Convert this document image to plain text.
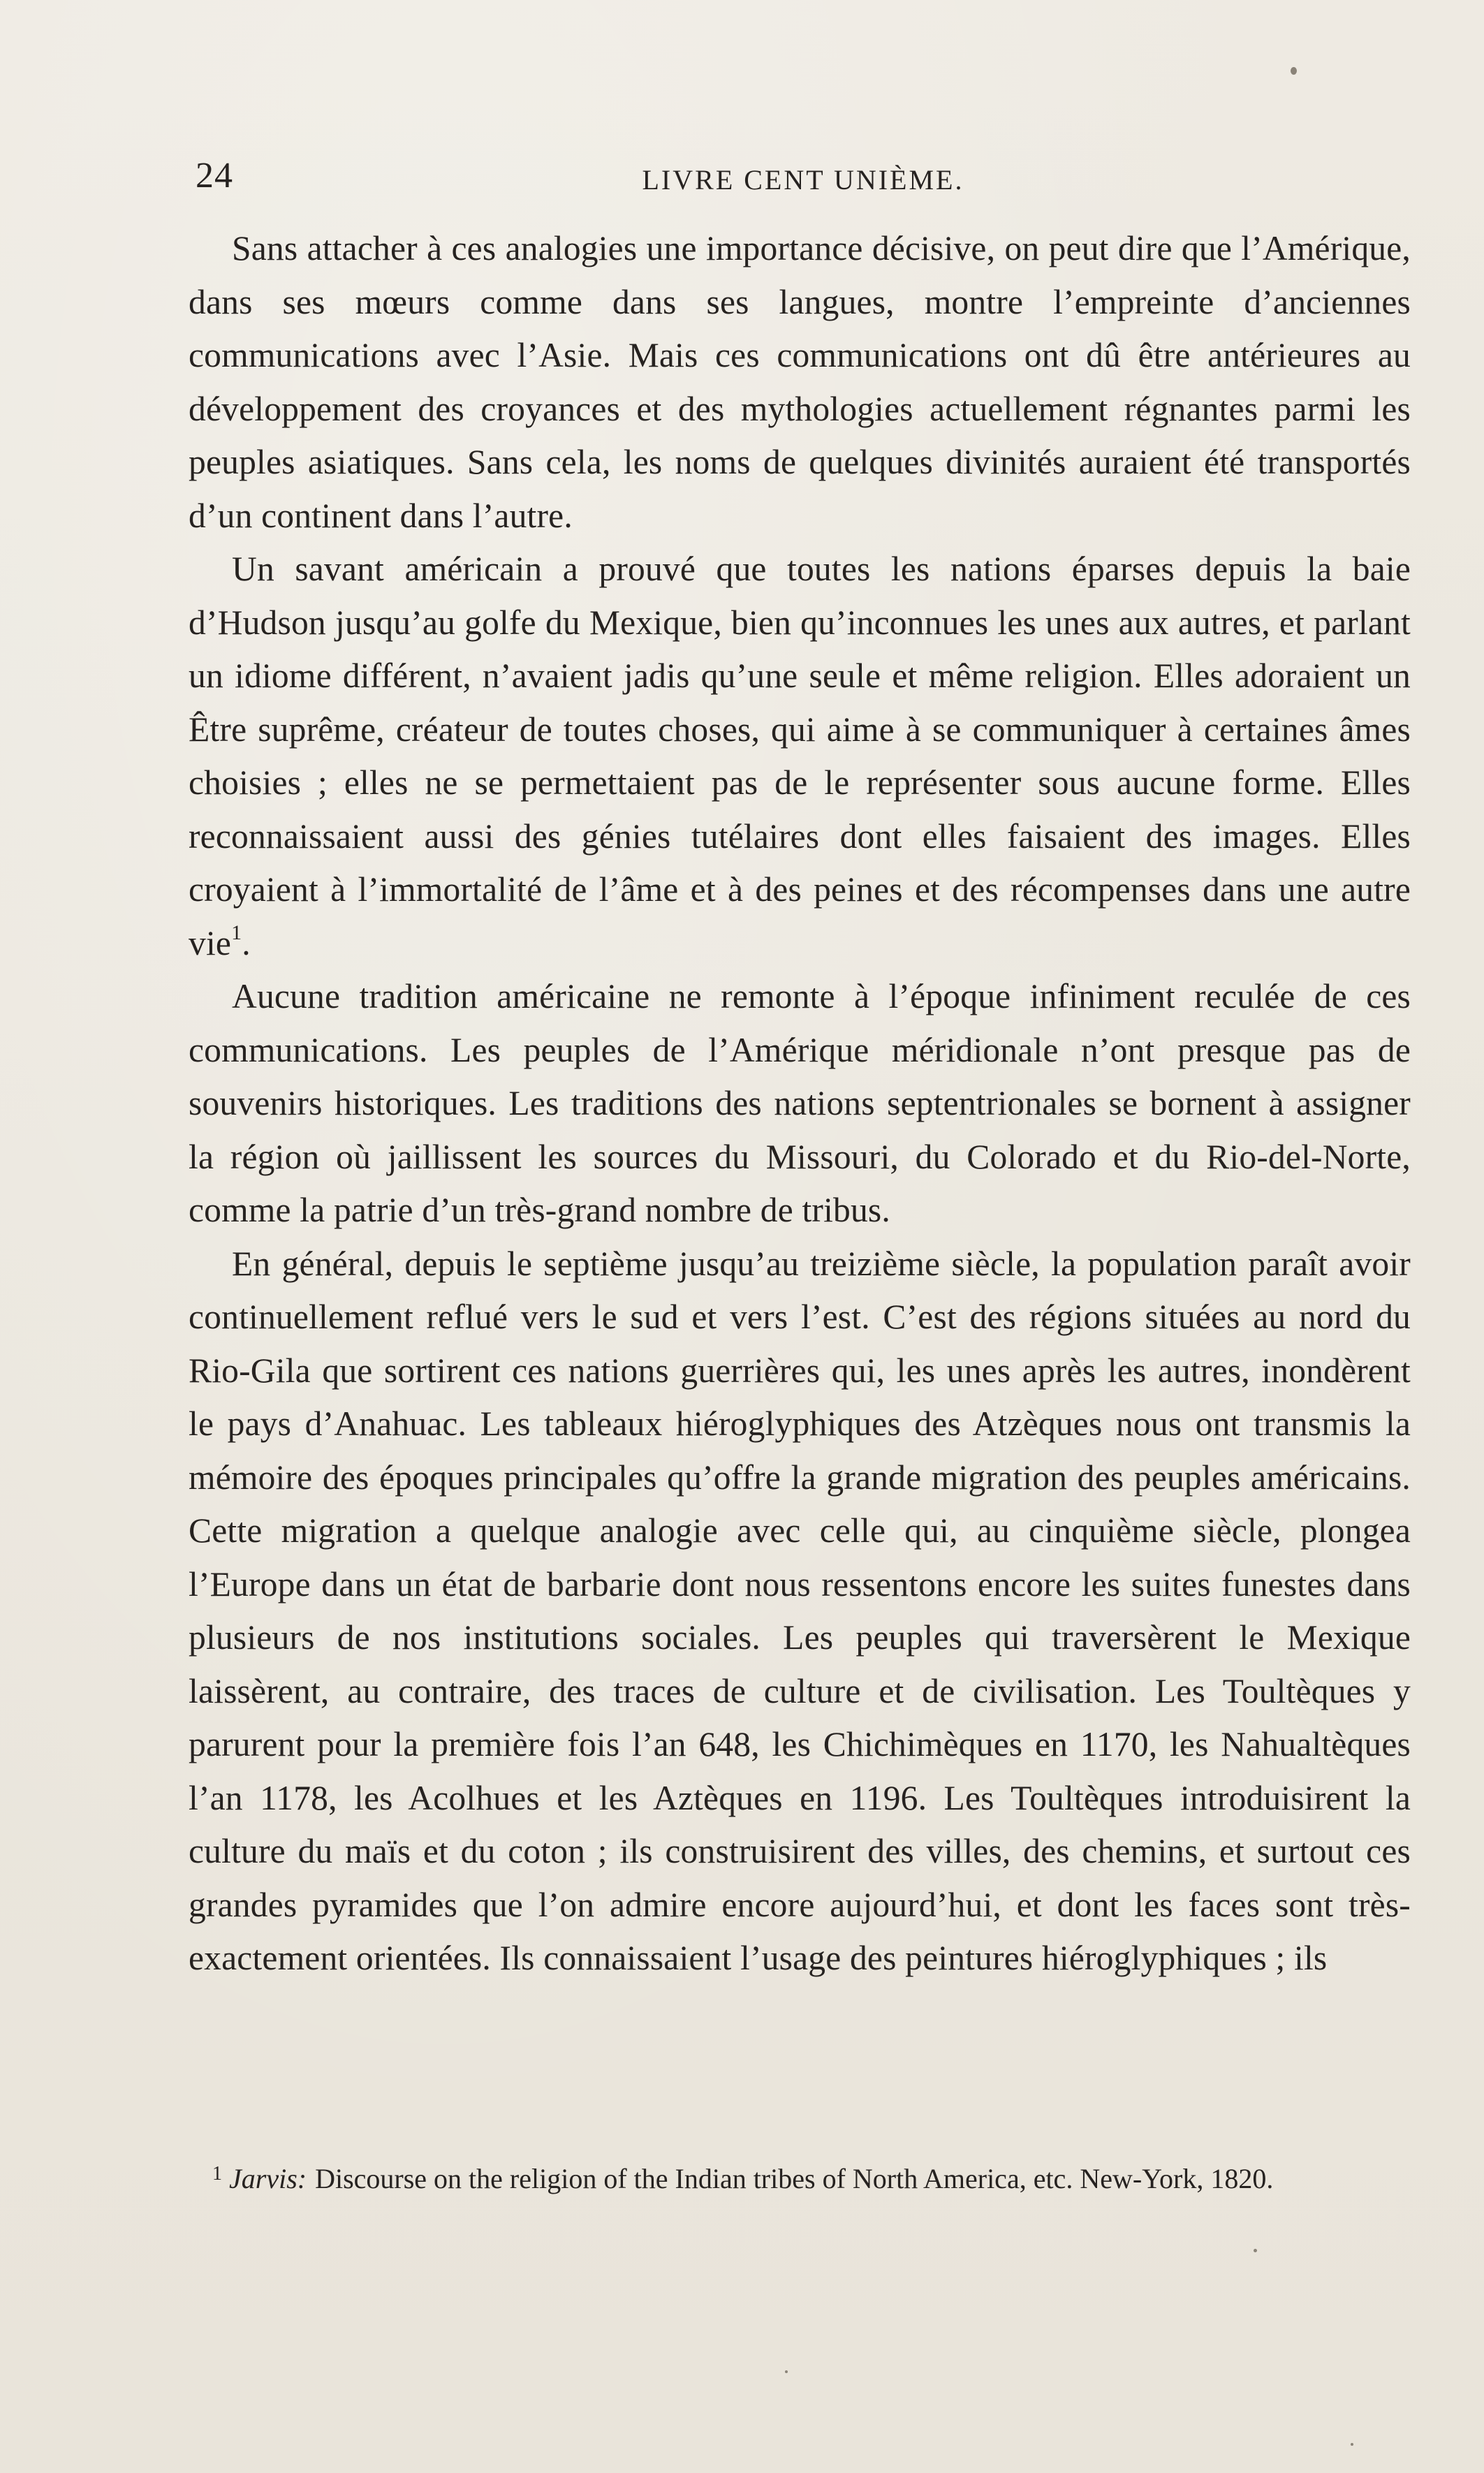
24	LIVRE CENT UNIÈME.

Sans attacher à ces analogies une importance décisive, on peut dire que l’Amérique, dans ses mœurs comme dans ses langues, montre l’empreinte d’anciennes communications avec l’Asie. Mais ces communications ont dû être antérieures au développement des croyances et des mythologies actuellement régnantes parmi les peuples asiatiques. Sans cela, les noms de quelques divinités auraient été transportés d’un continent dans l’autre.

Un savant américain a prouvé que toutes les nations éparses depuis la baie d’Hudson jusqu’au golfe du Mexique, bien qu’inconnues les unes aux autres, et parlant un idiome différent, n’avaient jadis qu’une seule et même religion. Elles adoraient un Être suprême, créateur de toutes choses, qui aime à se communiquer à certaines âmes choisies ; elles ne se permettaient pas de le représenter sous aucune forme. Elles reconnaissaient aussi des génies tutélaires dont elles faisaient des images. Elles croyaient à l’immortalité de l’âme et à des peines et des récompenses dans une autre vie$^1$.

Aucune tradition américaine ne remonte à l’époque infiniment reculée de ces communications. Les peuples de l’Amérique méridionale n’ont presque pas de souvenirs historiques. Les traditions des nations septentrionales se bornent à assigner la région où jaillissent les sources du Missouri, du Colorado et du Rio-del-Norte, comme la patrie d’un très-grand nombre de tribus.

En général, depuis le septième jusqu’au treizième siècle, la population paraît avoir continuellement reflué vers le sud et vers l’est. C’est des régions situées au nord du Rio-Gila que sortirent ces nations guerrières qui, les unes après les autres, inondèrent le pays d’Anahuac. Les tableaux hiéroglyphiques des Atzèques nous ont transmis la mémoire des époques principales qu’offre la grande migration des peuples américains. Cette migration a quelque analogie avec celle qui, au cinquième siècle, plongea l’Europe dans un état de barbarie dont nous ressentons encore les suites funestes dans plusieurs de nos institutions sociales. Les peuples qui traversèrent le Mexique laissèrent, au contraire, des traces de culture et de civilisation. Les Toultèques y parurent pour la première fois l’an 648, les Chichimèques en 1170, les Nahualtèques l’an 1178, les Acolhues et les Aztèques en 1196. Les Toultèques introduisirent la culture du maïs et du coton ; ils construisirent des villes, des chemins, et surtout ces grandes pyramides que l’on admire encore aujourd’hui, et dont les faces sont très-exactement orientées. Ils connaissaient l’usage des peintures hiéroglyphiques ; ils

$^1$ Jarvis: Discourse on the religion of the Indian tribes of North America, etc. New-York, 1820.
